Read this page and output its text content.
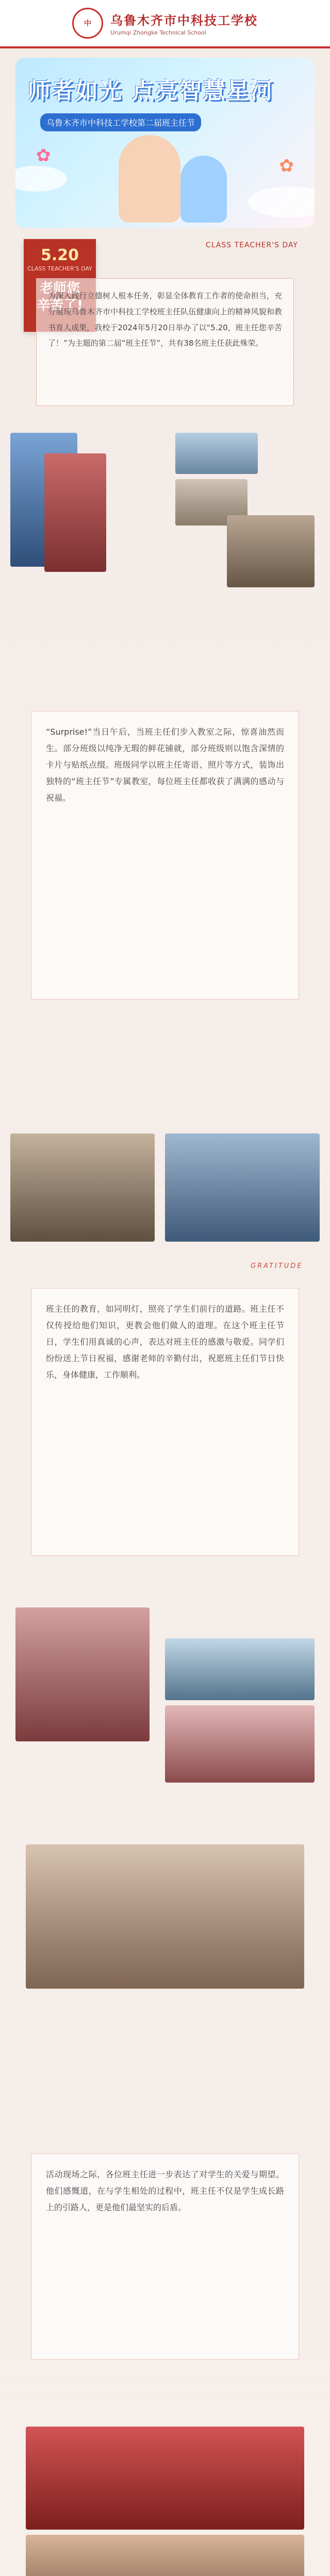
中 乌鲁木齐市中科技工学校
Urumqi Zhongke Technical School
✿	✿
师者如光 点亮智慧星河
乌鲁木齐市中科技工学校第二届班主任节
5.20
CLASS TEACHER'S DAY
CLASS TEACHER'S DAY
为深入践行立德树人根本任务，彰显全体教育工作者的使命担当，充分展现乌鲁木齐市中科技工学校班主任队伍健康向上的精神风貌和教书育人成果，我校于2024年5月20日举办了以“5.20，班主任您辛苦了！”为主题的第二届“班主任节”，共有38名班主任获此殊荣。
“Surprise!”当日午后，当班主任们步入教室之际，惊喜油然而生。部分班级以纯净无瑕的鲜花铺就，部分班级则以饱含深情的卡片与贴纸点缀。班级同学以班主任寄语、照片等方式，装饰出独特的“班主任节”专属教室，每位班主任都收获了满满的感动与祝福。
GRATITUDE
班主任的教育，如同明灯，照亮了学生们前行的道路。班主任不仅传授给他们知识，更教会他们做人的道理。在这个班主任节日，学生们用真诚的心声，表达对班主任的感激与敬爱。同学们纷纷送上节日祝福，感谢老师的辛勤付出，祝愿班主任们节日快乐，身体健康，工作顺利。
活动现场之际，各位班主任进一步表达了对学生的关爱与期望。他们感慨道，在与学生相处的过程中，班主任不仅是学生成长路上的引路人，更是他们最坚实的后盾。
